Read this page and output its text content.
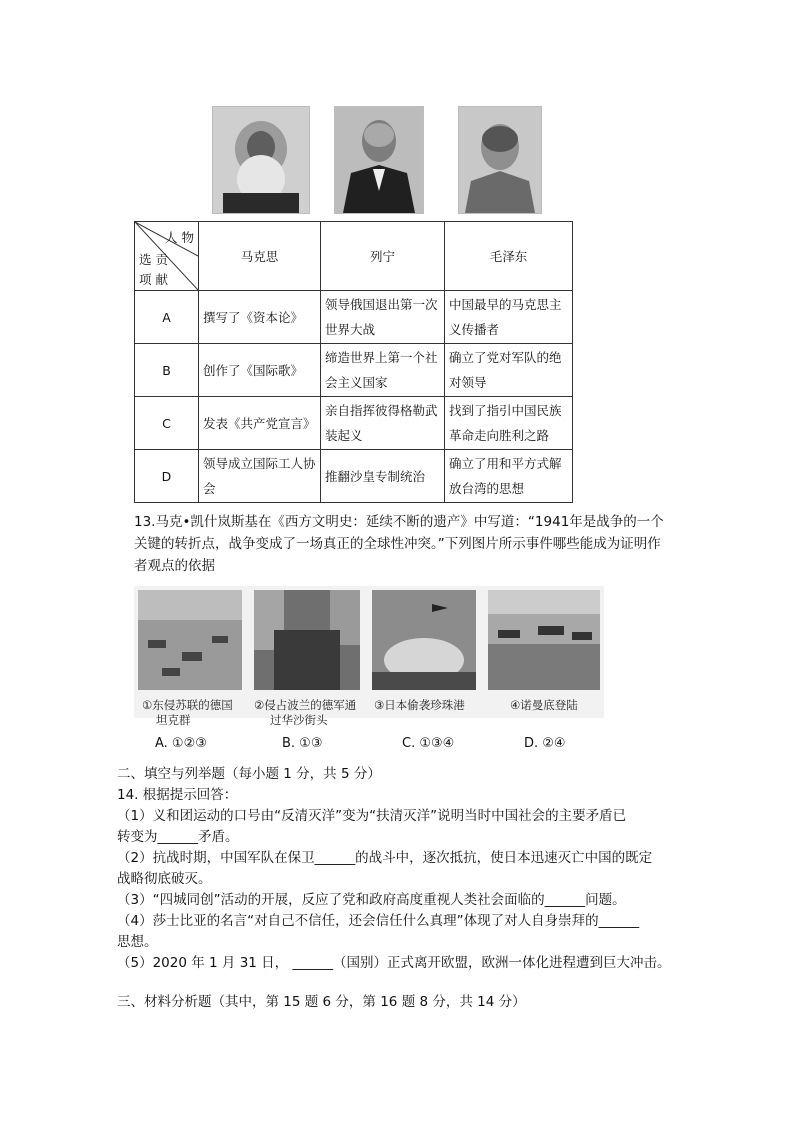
人 物
选 贡
项 献	马克思	列宁	毛泽东
A	撰写了《资本论》	领导俄国退出第一次世界大战	中国最早的马克思主义传播者
B	创作了《国际歌》	缔造世界上第一个社会主义国家	确立了党对军队的绝对领导
C	发表《共产党宣言》	亲自指挥彼得格勒武装起义	找到了指引中国民族革命走向胜利之路
D	领导成立国际工人协会	推翻沙皇专制统治	确立了用和平方式解放台湾的思想
13.马克•凯什岚斯基在《西方文明史：延续不断的遗产》中写道：“1941年是战争的一个
关键的转折点，战争变成了一场真正的全球性冲突。”下列图片所示事件哪些能成为证明作
者观点的依据
①东侵苏联的德国
坦克群
②侵占波兰的德军通
过华沙街头
③日本偷袭珍珠港	④诺曼底登陆
A. ①②③	B. ①③	C. ①③④	D. ②④
二、填空与列举题（每小题 1 分，共 5 分）
14. 根据提示回答：
（1）义和团运动的口号由“反清灭洋”变为“扶清灭洋”说明当时中国社会的主要矛盾已
转变为______矛盾。
（2）抗战时期，中国军队在保卫______的战斗中，逐次抵抗，使日本迅速灭亡中国的既定
战略彻底破灭。
（3）“四城同创”活动的开展，反应了党和政府高度重视人类社会面临的______问题。
（4）莎士比亚的名言“对自己不信任，还会信任什么真理”体现了对人自身崇拜的______
思想。
（5）2020 年 1 月 31 日， ______（国别）正式离开欧盟，欧洲一体化进程遭到巨大冲击。
三、材料分析题（其中，第 15 题 6 分，第 16 题 8 分，共 14 分）
